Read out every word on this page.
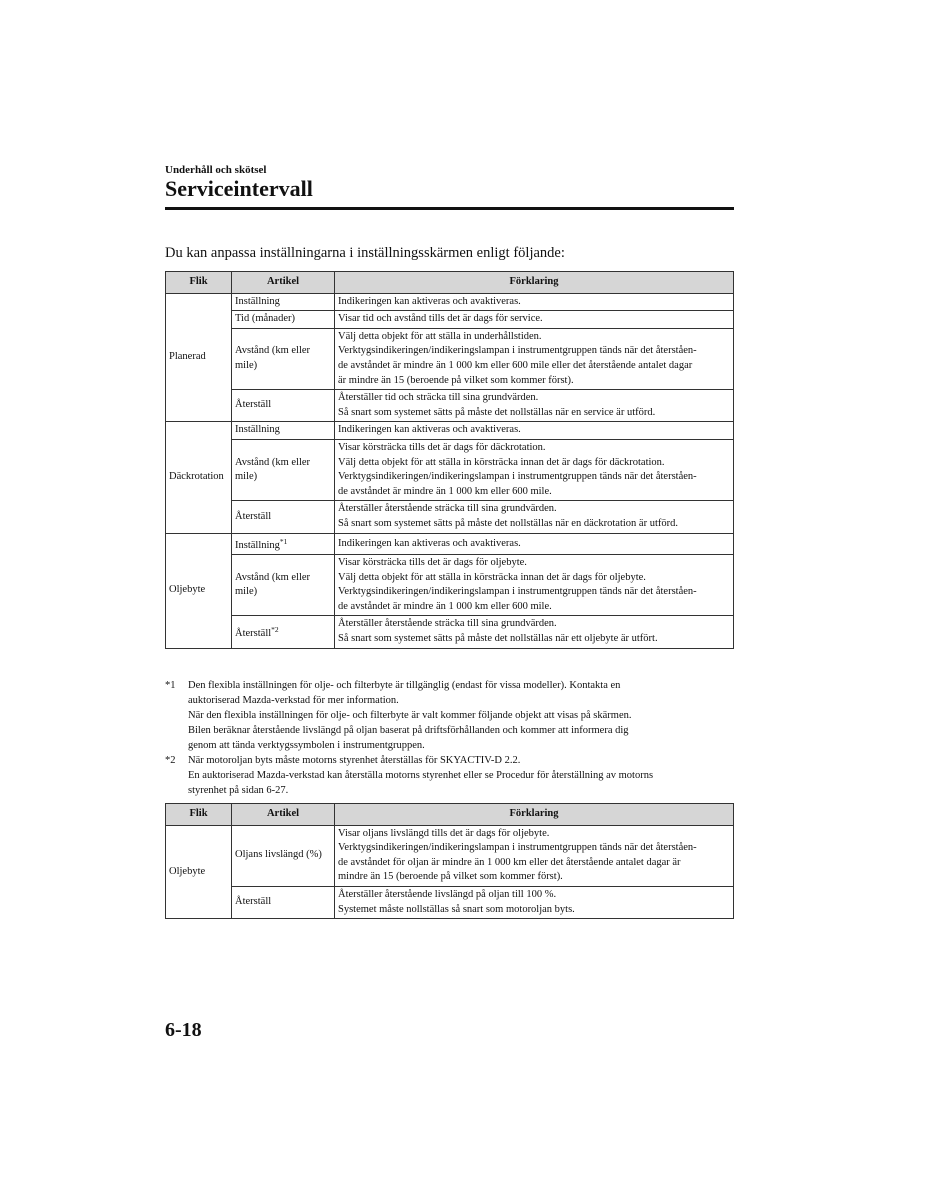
Underhåll och skötsel
Serviceintervall
Du kan anpassa inställningarna i inställningsskärmen enligt följande:
Flik	Artikel	Förklaring
Planerad	Inställning	Indikeringen kan aktiveras och avaktiveras.

	Tid (månader)	Visar tid och avstånd tills det är dags för service.

	Avstånd (km eller mile)	Välj detta objekt för att ställa in underhållstiden.
Verktygsindikeringen/indikeringslampan i instrumentgruppen tänds när det återståen-
de avståndet är mindre än 1 000 km eller 600 mile eller det återstående antalet dagar
är mindre än 15 (beroende på vilket som kommer först).

	Återställ	Återställer tid och sträcka till sina grundvärden.
Så snart som systemet sätts på måste det nollställas när en service är utförd.

Däckrotation	Inställning	Indikeringen kan aktiveras och avaktiveras.

	Avstånd (km eller mile)	Visar körsträcka tills det är dags för däckrotation.
Välj detta objekt för att ställa in körsträcka innan det är dags för däckrotation.
Verktygsindikeringen/indikeringslampan i instrumentgruppen tänds när det återståen-
de avståndet är mindre än 1 000 km eller 600 mile.

	Återställ	Återställer återstående sträcka till sina grundvärden.
Så snart som systemet sätts på måste det nollställas när en däckrotation är utförd.

Oljebyte	Inställning$^{*1}$	Indikeringen kan aktiveras och avaktiveras.

	Avstånd (km eller mile)	Visar körsträcka tills det är dags för oljebyte.
Välj detta objekt för att ställa in körsträcka innan det är dags för oljebyte.
Verktygsindikeringen/indikeringslampan i instrumentgruppen tänds när det återståen-
de avståndet är mindre än 1 000 km eller 600 mile.

	Återställ$^{*2}$	Återställer återstående sträcka till sina grundvärden.
Så snart som systemet sätts på måste det nollställas när ett oljebyte är utfört.
*1 Den flexibla inställningen för olje- och filterbyte är tillgänglig (endast för vissa modeller). Kontakta en
auktoriserad Mazda-verkstad för mer information.
När den flexibla inställningen för olje- och filterbyte är valt kommer följande objekt att visas på skärmen.
Bilen beräknar återstående livslängd på oljan baserat på driftsförhållanden och kommer att informera dig
genom att tända verktygssymbolen i instrumentgruppen.
*2 När motoroljan byts måste motorns styrenhet återställas för SKYACTIV-D 2.2.
En auktoriserad Mazda-verkstad kan återställa motorns styrenhet eller se Procedur för återställning av motorns
styrenhet på sidan 6-27.
Flik	Artikel	Förklaring
Oljebyte	Oljans livslängd (%)	Visar oljans livslängd tills det är dags för oljebyte.
Verktygsindikeringen/indikeringslampan i instrumentgruppen tänds när det återståen-
de avståndet för oljan är mindre än 1 000 km eller det återstående antalet dagar är
mindre än 15 (beroende på vilket som kommer först).

	Återställ	Återställer återstående livslängd på oljan till 100 %.
Systemet måste nollställas så snart som motoroljan byts.
6-18
